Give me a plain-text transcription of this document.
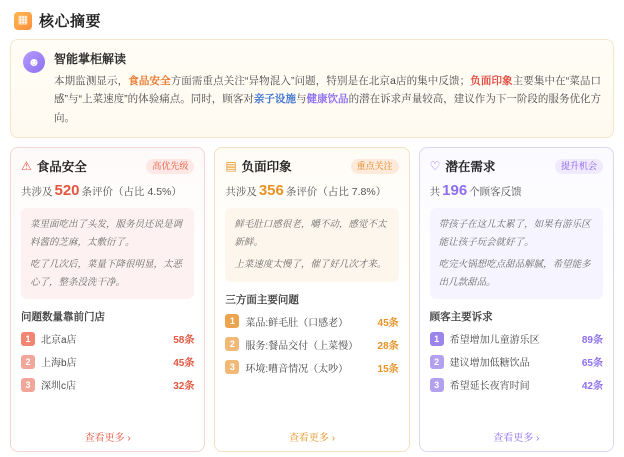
▦ 核心摘要
☻	智能掌柜解读
本期监测显示，食品安全方面需重点关注“异物混入”问题，特别是在北京a店的集中反馈；负面印象主要集中在“菜品口感”与“上菜速度”的体验痛点。同时，顾客对亲子设施与健康饮品的潜在诉求声量较高，建议作为下一阶段的服务优化方向。
⚠ 食品安全	高优先级
共涉及 520 条评价（占比 4.5%）
菜里面吃出了头发，服务员还说是调料酱的芝麻，太敷衍了。
吃了几次后，菜量下降很明显，太恶心了，整条没洗干净。
问题数量靠前门店
1	北京a店	58条
2	上海b店	45条
3	深圳c店	32条
查看更多 ›
▤ 负面印象	重点关注
共涉及 356 条评价（占比 7.8%）
鲜毛肚口感很老，嚼不动，感觉不太新鲜。
上菜速度太慢了，催了好几次才来。
三方面主要问题
1	菜品:鲜毛肚（口感老）	45条
2	服务:餐品交付（上菜慢）	28条
3	环境:嘈音情况（太吵）	15条
查看更多 ›
♡ 潜在需求	提升机会
共 196 个顾客反馈
带孩子在这儿太累了，如果有游乐区能让孩子玩会就好了。
吃完火锅想吃点甜品解腻，希望能多出几款甜品。
顾客主要诉求
1	希望增加儿童游乐区	89条
2	建议增加低糖饮品	65条
3	希望延长夜宵时间	42条
查看更多 ›
